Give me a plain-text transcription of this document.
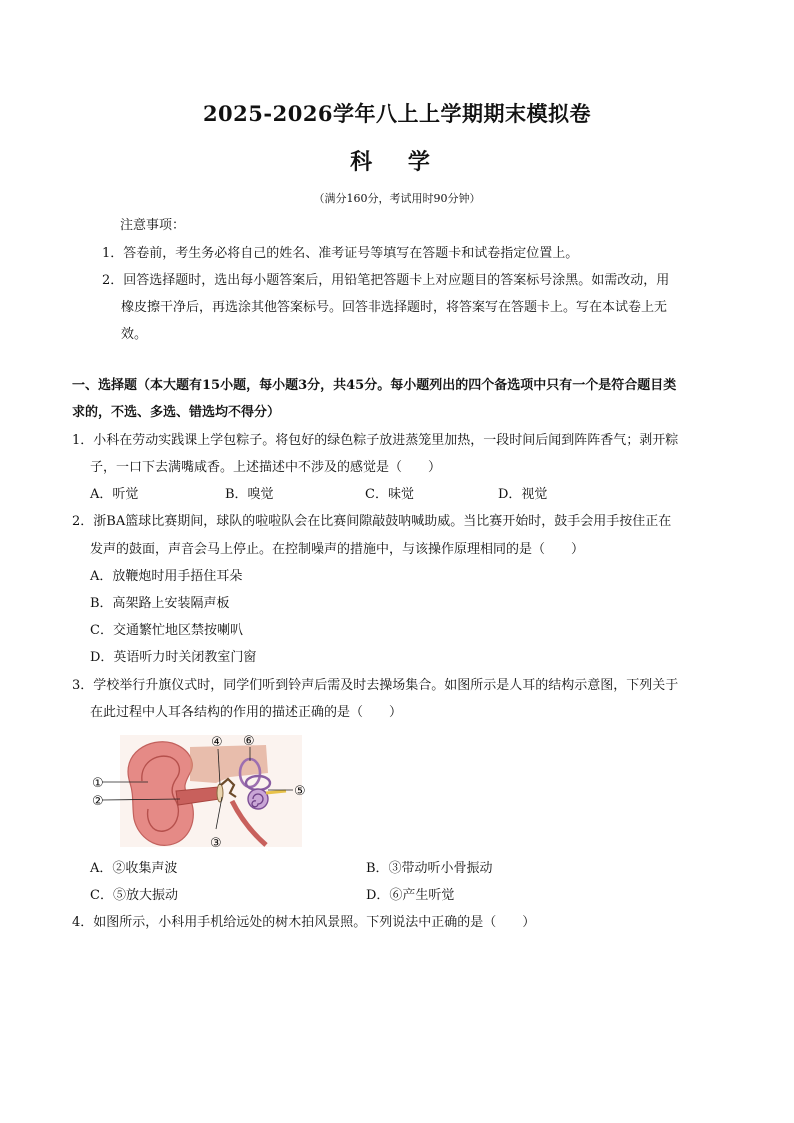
2025-2026学年八上上学期期末模拟卷
科 学
（满分160分，考试用时90分钟）
注意事项：
1．答卷前，考生务必将自己的姓名、准考证号等填写在答题卡和试卷指定位置上。
2．回答选择题时，选出每小题答案后，用铅笔把答题卡上对应题目的答案标号涂黑。如需改动，用
橡皮擦干净后，再选涂其他答案标号。回答非选择题时，将答案写在答题卡上。写在本试卷上无
效。
一、选择题（本大题有15小题，每小题3分，共45分。每小题列出的四个备选项中只有一个是符合题目类
求的，不选、多选、错选均不得分）
1．小科在劳动实践课上学包粽子。将包好的绿色粽子放进蒸笼里加热，一段时间后闻到阵阵香气；剥开粽
子，一口下去满嘴咸香。上述描述中不涉及的感觉是（　　）
A．听觉	B．嗅觉	C．味觉	D．视觉
2．浙BA篮球比赛期间，球队的啦啦队会在比赛间隙敲鼓呐喊助威。当比赛开始时，鼓手会用手按住正在
发声的鼓面，声音会马上停止。在控制噪声的措施中，与该操作原理相同的是（　　）
A．放鞭炮时用手捂住耳朵
B．高架路上安装隔声板
C．交通繁忙地区禁按喇叭
D．英语听力时关闭教室门窗
3．学校举行升旗仪式时，同学们听到铃声后需及时去操场集合。如图所示是人耳的结构示意图，下列关于
在此过程中人耳各结构的作用的描述正确的是（　　）
①
②
③
④
⑤
⑥
A．②收集声波	B．③带动听小骨振动
C．⑤放大振动	D．⑥产生听觉
4．如图所示，小科用手机给远处的树木拍风景照。下列说法中正确的是（　　）
